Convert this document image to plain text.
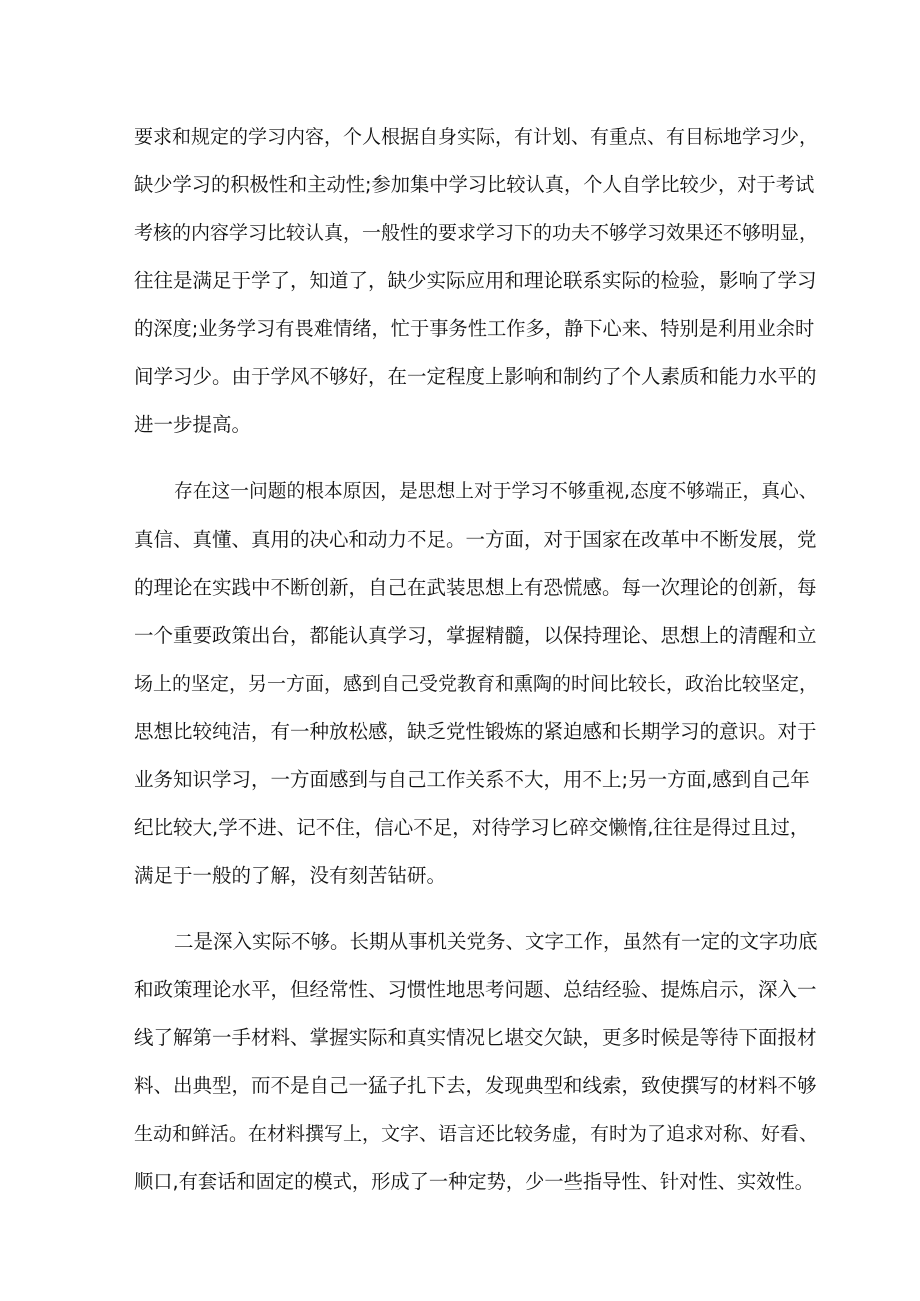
要求和规定的学习内容，个人根据自身实际，有计划、有重点、有目标地学习少，
缺少学习的积极性和主动性;参加集中学习比较认真，个人自学比较少，对于考试
考核的内容学习比较认真，一般性的要求学习下的功夫不够学习效果还不够明显，
往往是满足于学了，知道了，缺少实际应用和理论联系实际的检验，影响了学习
的深度;业务学习有畏难情绪，忙于事务性工作多，静下心来、特别是利用业余时
间学习少。由于学风不够好，在一定程度上影响和制约了个人素质和能力水平的
进一步提高。
存在这一问题的根本原因，是思想上对于学习不够重视,态度不够端正，真心、
真信、真懂、真用的决心和动力不足。一方面，对于国家在改革中不断发展，党
的理论在实践中不断创新，自己在武装思想上有恐慌感。每一次理论的创新，每
一个重要政策出台，都能认真学习，掌握精髓，以保持理论、思想上的清醒和立
场上的坚定，另一方面，感到自己受党教育和熏陶的时间比较长，政治比较坚定，
思想比较纯洁，有一种放松感，缺乏党性锻炼的紧迫感和长期学习的意识。对于
业务知识学习，一方面感到与自己工作关系不大，用不上;另一方面,感到自己年
纪比较大,学不进、记不住，信心不足，对待学习匕碎交懒惰,往往是得过且过，
满足于一般的了解，没有刻苦钻研。
二是深入实际不够。长期从事机关党务、文字工作，虽然有一定的文字功底
和政策理论水平，但经常性、习惯性地思考问题、总结经验、提炼启示，深入一
线了解第一手材料、掌握实际和真实情况匕堪交欠缺，更多时候是等待下面报材
料、出典型，而不是自己一猛子扎下去，发现典型和线索，致使撰写的材料不够
生动和鲜活。在材料撰写上，文字、语言还比较务虚，有时为了追求对称、好看、
顺口,有套话和固定的模式，形成了一种定势，少一些指导性、针对性、实效性。
